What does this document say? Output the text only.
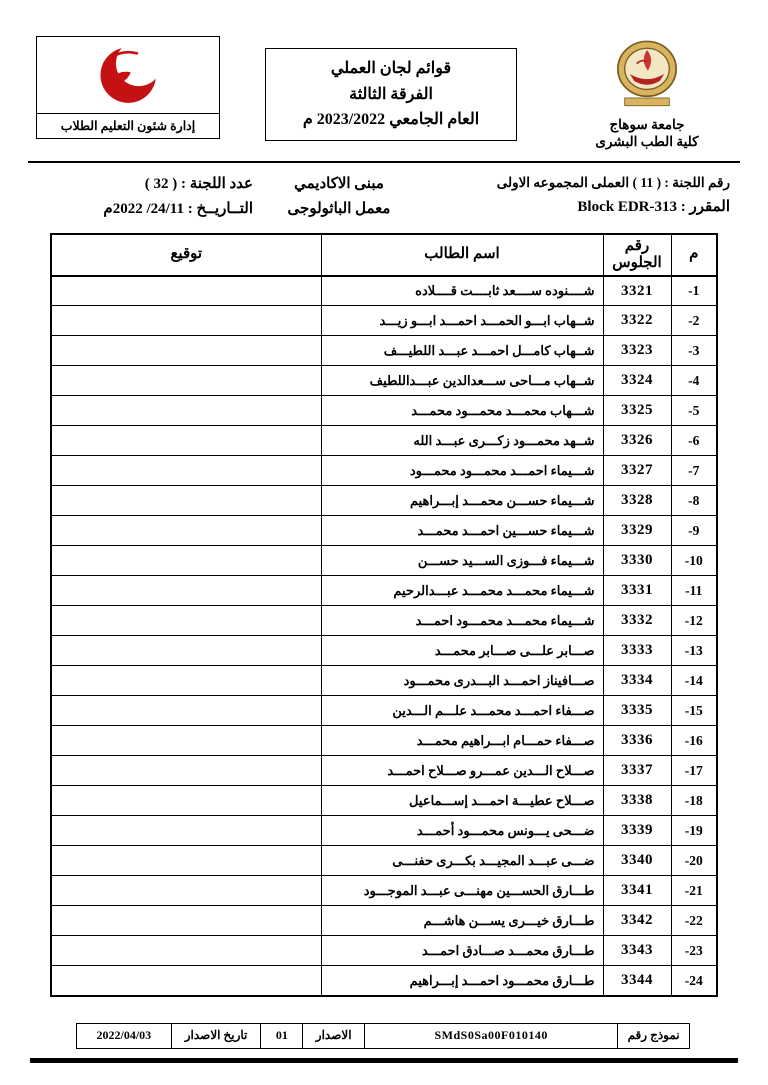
جامعة سوهاج
كلية الطب البشرى
قوائم لجان العملي
الفرقة الثالثة
العام الجامعي 2023/2022 م
إدارة شئون التعليم الطلاب
رقم اللجنة : ( 11 ) العملى المجموعه الاولى
المقرر : Block EDR-313
مبنى الاكاديمي
معمل الباثولوجى
عدد اللجنة : ( 32 )
التــاريــخ : 24/11/ 2022م
م	رقم الجلوس	اسم الطالب	توقيع
-1	3321	شــــنوده ســــعد ثابــــت قــــلاده	
-2	3322	شــهاب ابـــو الحمـــد احمـــد ابـــو زيـــد	
-3	3323	شــهاب كامـــل احمـــد عبـــد اللطيـــف	
-4	3324	شــهاب مـــاحى ســـعدالدين عبـــداللطيف	
-5	3325	شـــهاب محمـــد محمـــود محمـــد	
-6	3326	شــهد محمـــود زكـــرى عبـــد الله	
-7	3327	شـــيماء احمـــد محمـــود محمـــود	
-8	3328	شـــيماء حســـن محمـــد إبـــراهيم	
-9	3329	شـــيماء حســـين احمـــد محمـــد	
-10	3330	شـــيماء فـــوزى الســـيد حســـن	
-11	3331	شـــيماء محمـــد محمـــد عبـــدالرحيم	
-12	3332	شـــيماء محمـــد محمـــود احمـــد	
-13	3333	صـــابر علـــى صـــابر محمـــد	
-14	3334	صـــافيناز احمـــد البـــدرى محمـــود	
-15	3335	صـــفاء احمـــد محمـــد علـــم الـــدين	
-16	3336	صـــفاء حمـــام ابـــراهيم محمـــد	
-17	3337	صـــلاح الـــدين عمـــرو صـــلاح احمـــد	
-18	3338	صـــلاح عطيـــة احمـــد إســـماعيل	
-19	3339	ضـــحى يـــونس محمـــود أحمـــد	
-20	3340	ضـــى عبـــد المجيـــد بكـــرى حفنـــى	
-21	3341	طـــارق الحســـين مهنـــى عبـــد الموجـــود	
-22	3342	طـــارق خيـــرى يســـن هاشـــم	
-23	3343	طـــارق محمـــد صـــادق احمـــد	
-24	3344	طـــارق محمـــود احمـــد إبـــراهيم	
نموذج رقم
SMdS0Sa00F010140
الاصدار
01
تاريخ الاصدار
2022/04/03
